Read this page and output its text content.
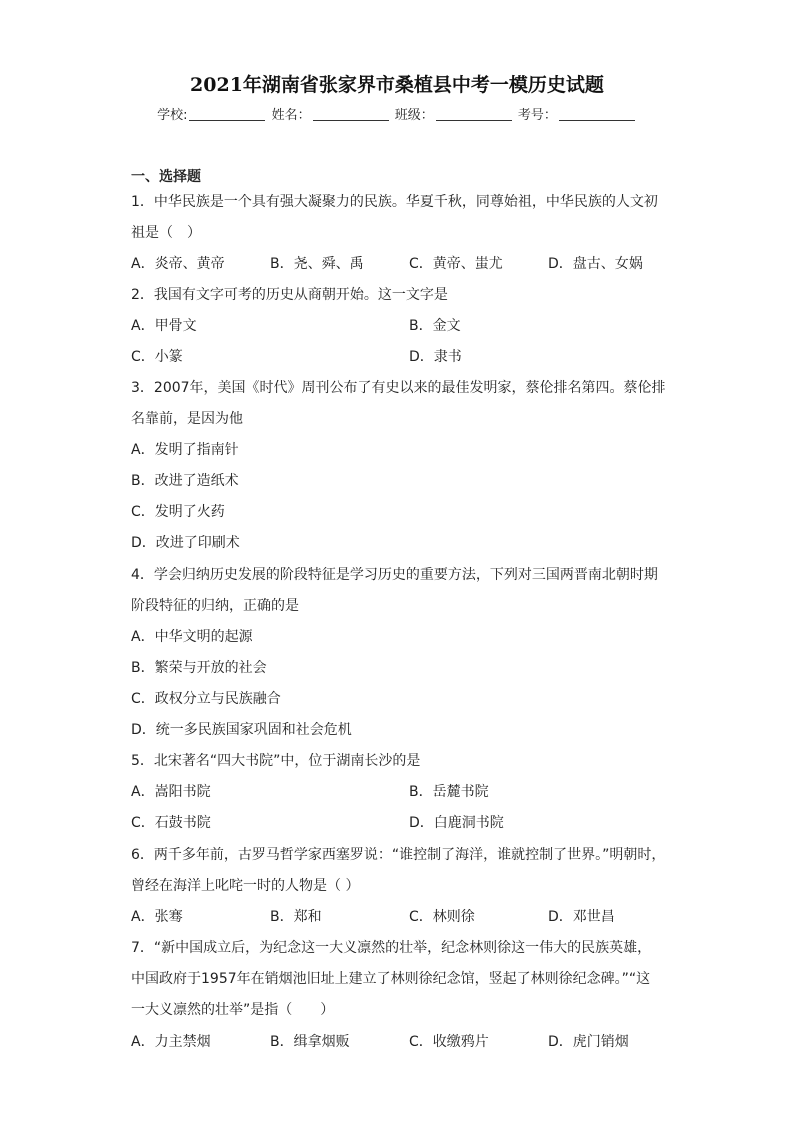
2021年湖南省张家界市桑植县中考一模历史试题
学校:	姓名：	班级：	考号：
一、选择题
1．中华民族是一个具有强大凝聚力的民族。华夏千秋，同尊始祖，中华民族的人文初
祖是（　）
A．炎帝、黄帝	B．尧、舜、禹	C．黄帝、蚩尤	D．盘古、女娲
2．我国有文字可考的历史从商朝开始。这一文字是
A．甲骨文	B．金文
C．小篆	D．隶书
3．2007年，美国《时代》周刊公布了有史以来的最佳发明家，蔡伦排名第四。蔡伦排
名靠前，是因为他
A．发明了指南针
B．改进了造纸术
C．发明了火药
D．改进了印刷术
4．学会归纳历史发展的阶段特征是学习历史的重要方法，下列对三国两晋南北朝时期
阶段特征的归纳，正确的是
A．中华文明的起源
B．繁荣与开放的社会
C．政权分立与民族融合
D．统一多民族国家巩固和社会危机
5．北宋著名“四大书院”中，位于湖南长沙的是
A．嵩阳书院	B．岳麓书院
C．石鼓书院	D．白鹿洞书院
6．两千多年前，古罗马哲学家西塞罗说：“谁控制了海洋，谁就控制了世界。”明朝时，
曾经在海洋上叱咤一时的人物是（ ）
A．张骞	B．郑和	C．林则徐	D．邓世昌
7．“新中国成立后，为纪念这一大义凛然的壮举，纪念林则徐这一伟大的民族英雄，
中国政府于1957年在销烟池旧址上建立了林则徐纪念馆，竖起了林则徐纪念碑。”“这
一大义凛然的壮举”是指（　　）
A．力主禁烟	B．缉拿烟贩	C．收缴鸦片	D．虎门销烟
